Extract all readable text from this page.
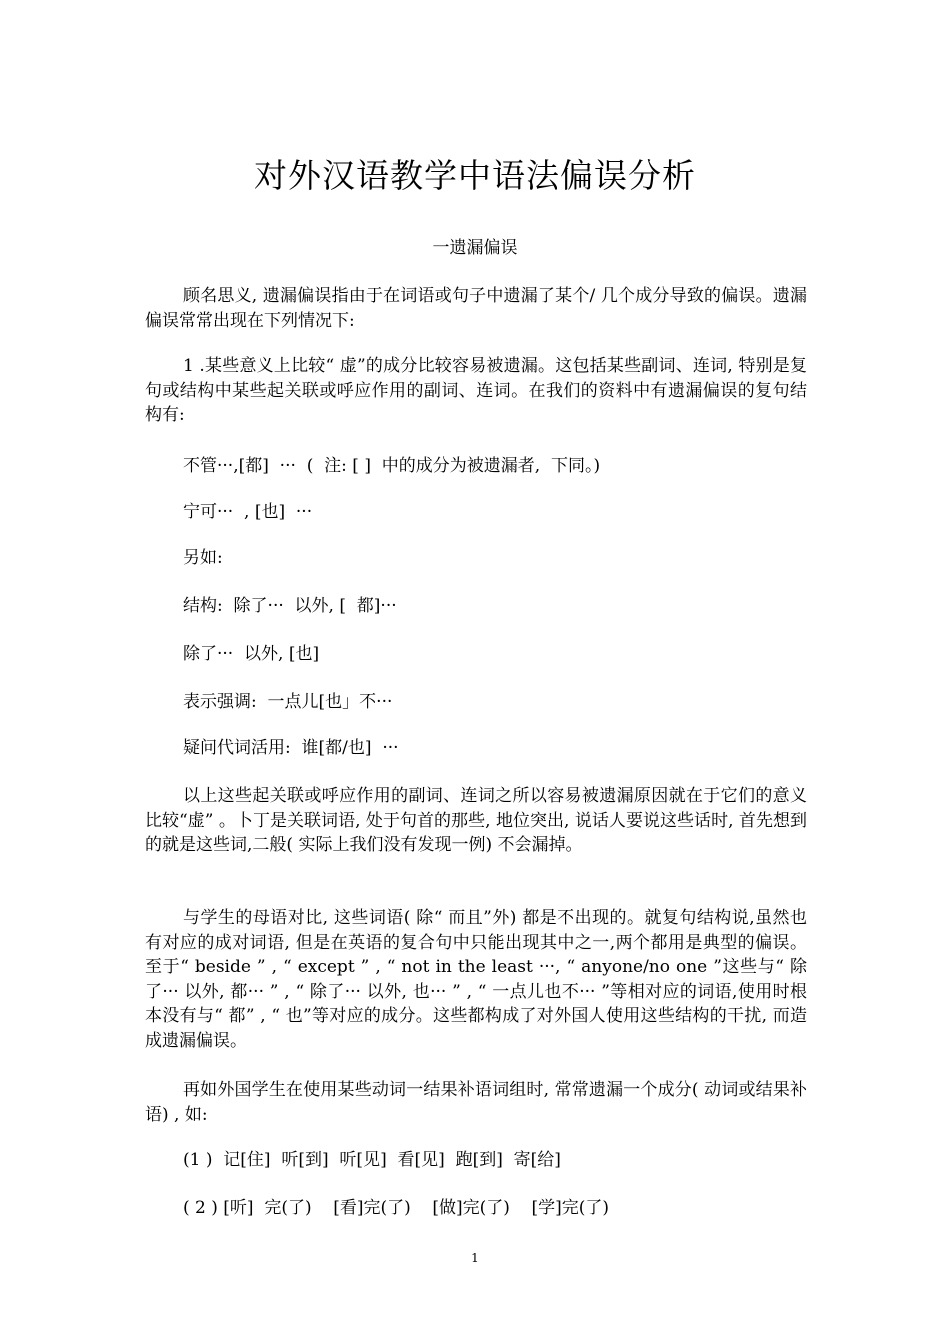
对外汉语教学中语法偏误分析
一遗漏偏误
顾名思义, 遗漏偏误指由于在词语或句子中遗漏了某个/ 几个成分导致的偏误。遗漏偏误常常出现在下列情况下:
1 .某些意义上比较“ 虚”的成分比较容易被遗漏。这包括某些副词、连词, 特别是复句或结构中某些起关联或呼应作用的副词、连词。在我们的资料中有遗漏偏误的复句结构有:
不管···,[都]  ···  (  注: [ ]  中的成分为被遗漏者,  下同。)
宁可···  , [也]  ···
另如:
结构:  除了···  以外, [  都]···
除了···  以外, [也]
表示强调:  一点儿[也」不···
疑问代词活用:  谁[都/也]  ···
以上这些起关联或呼应作用的副词、连词之所以容易被遗漏原因就在于它们的意义比较“虚” 。卜丁是关联词语, 处于句首的那些, 地位突出, 说话人要说这些话时, 首先想到的就是这些词,二般( 实际上我们没有发现一例) 不会漏掉。
与学生的母语对比, 这些词语( 除“ 而且”外) 都是不出现的。就复句结构说,虽然也有对应的成对词语, 但是在英语的复合句中只能出现其中之一,两个都用是典型的偏误。至于“ beside ” , “ except ” , “ not in the least ···, “ anyone/no one ”这些与“ 除了··· 以外, 都··· ” , “ 除了··· 以外, 也··· ” , “ 一点儿也不··· ”等相对应的词语,使用时根本没有与“ 都” , “ 也”等对应的成分。这些都构成了对外国人使用这些结构的干扰, 而造成遗漏偏误。
再如外国学生在使用某些动词一结果补语词组时, 常常遗漏一个成分( 动词或结果补语) , 如:
(1 )  记[住]  听[到]  听[见]  看[见]  跑[到]  寄[给]
( 2 ) [听]  完(了)    [看]完(了)    [做]完(了)    [学]完(了)
1
